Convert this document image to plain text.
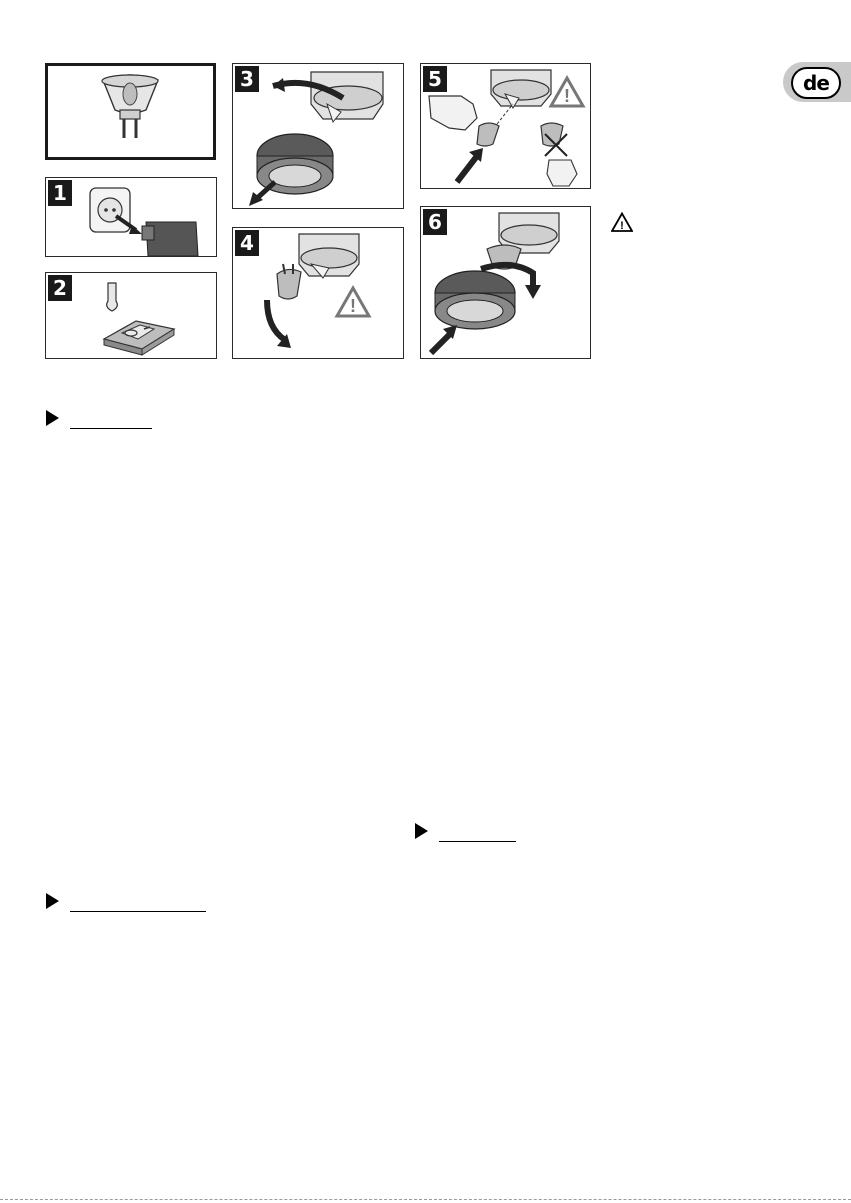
de
1
2
3
4
!
5
!
6	!
